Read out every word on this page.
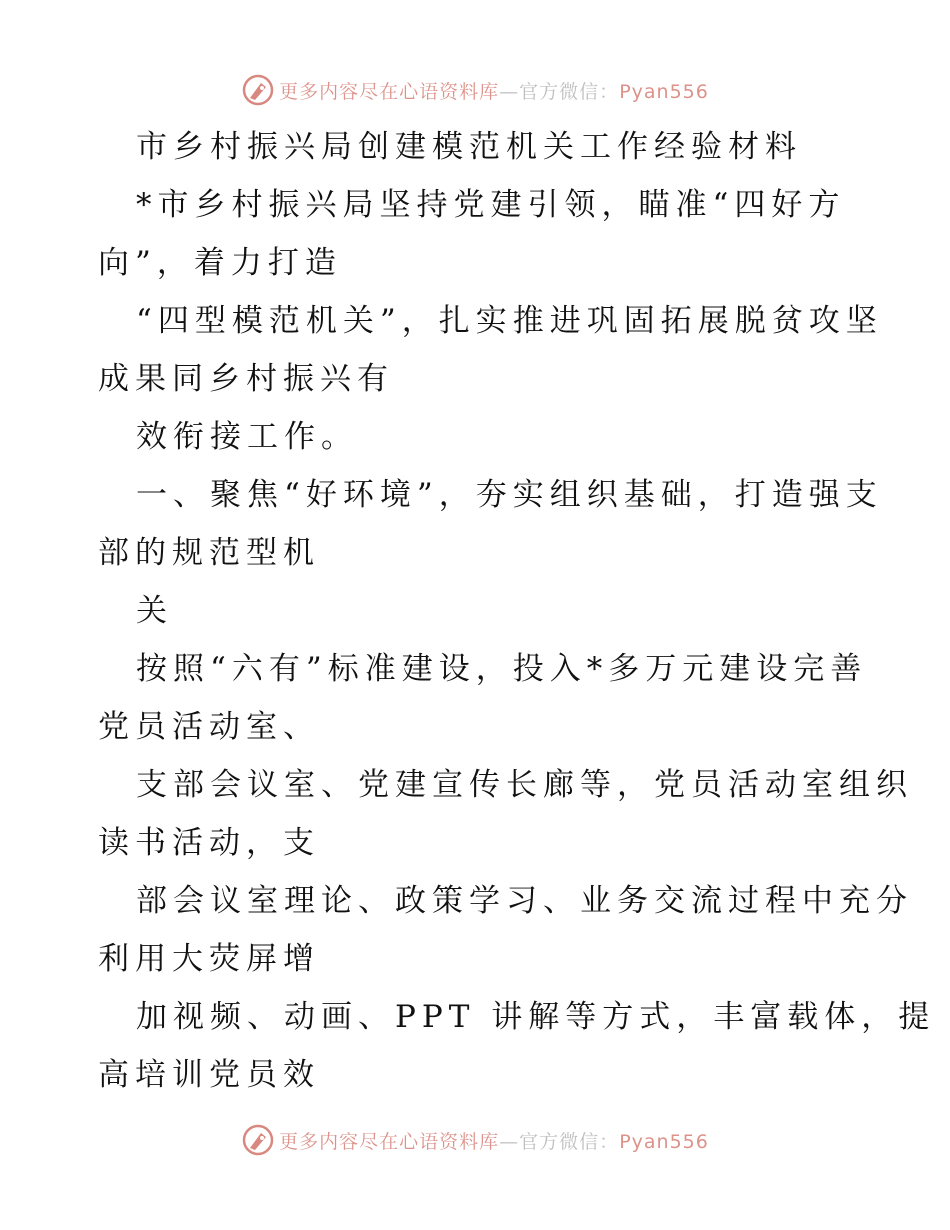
更多内容尽在心语资料库—官方微信：Pyan556
市乡村振兴局创建模范机关工作经验材料
*市乡村振兴局坚持党建引领，瞄准“四好方
向”，着力打造
“四型模范机关”，扎实推进巩固拓展脱贫攻坚
成果同乡村振兴有
效衔接工作。
一、聚焦“好环境”，夯实组织基础，打造强支
部的规范型机
关
按照“六有”标准建设，投入*多万元建设完善
党员活动室、
支部会议室、党建宣传长廊等，党员活动室组织
读书活动，支
部会议室理论、政策学习、业务交流过程中充分
利用大荧屏增
加视频、动画、PPT 讲解等方式，丰富载体，提
高培训党员效
更多内容尽在心语资料库—官方微信：Pyan556
